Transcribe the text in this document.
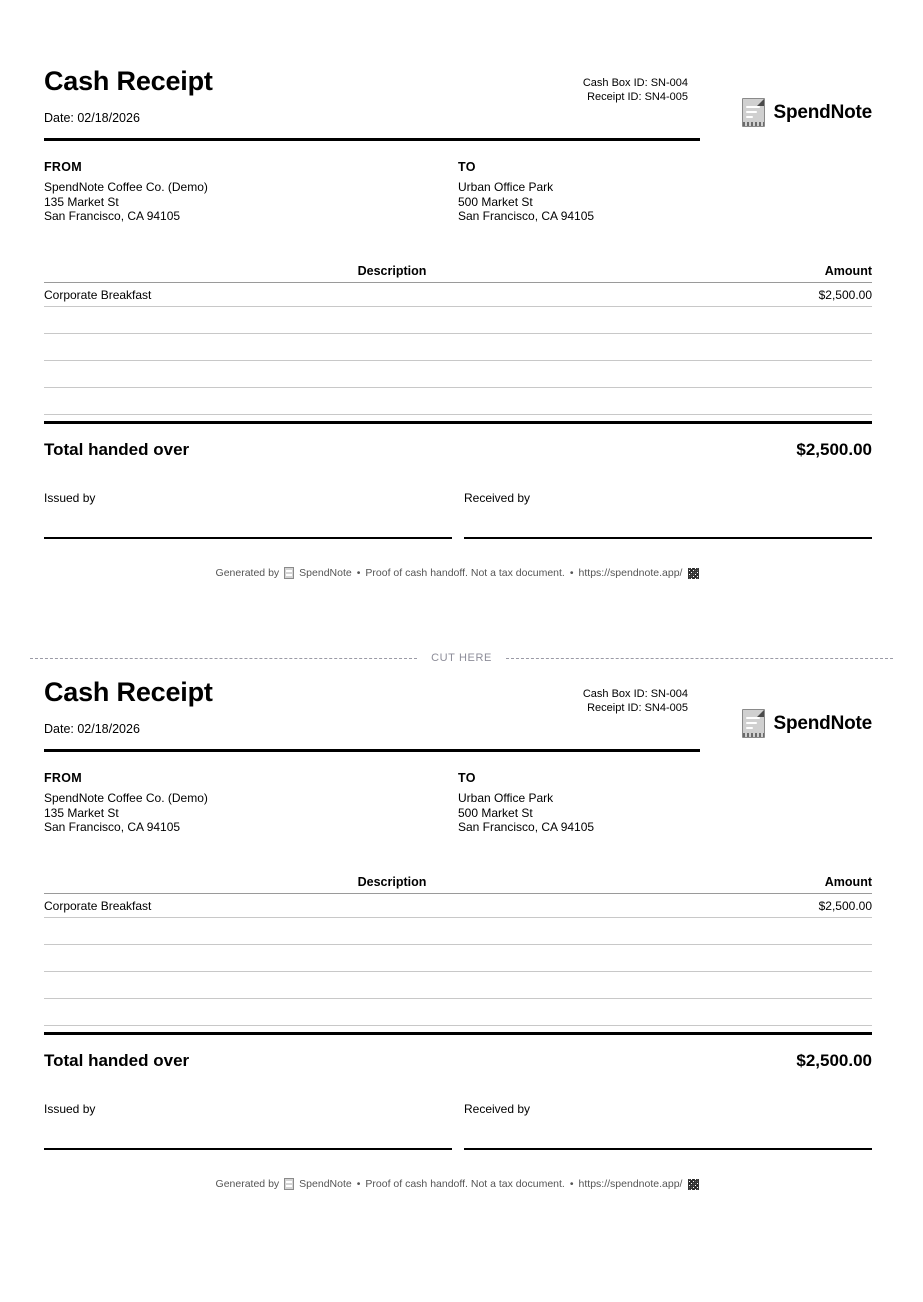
Cash Receipt
Date: 02/18/2026
Cash Box ID: SN-004
Receipt ID: SN4-005
SpendNote
FROM
SpendNote Coffee Co. (Demo)
135 Market St
San Francisco, CA 94105
TO
Urban Office Park
500 Market St
San Francisco, CA 94105
Description	Amount
Corporate Breakfast	$2,500.00

Total handed over	$2,500.00
Issued by	Received by
Generated by SpendNote • Proof of cash handoff. Not a tax document. • https://spendnote.app/
CUT HERE
Cash Receipt
Date: 02/18/2026
Cash Box ID: SN-004
Receipt ID: SN4-005
SpendNote
FROM
SpendNote Coffee Co. (Demo)
135 Market St
San Francisco, CA 94105
TO
Urban Office Park
500 Market St
San Francisco, CA 94105
Description	Amount
Corporate Breakfast	$2,500.00

Total handed over	$2,500.00
Issued by	Received by
Generated by SpendNote • Proof of cash handoff. Not a tax document. • https://spendnote.app/
